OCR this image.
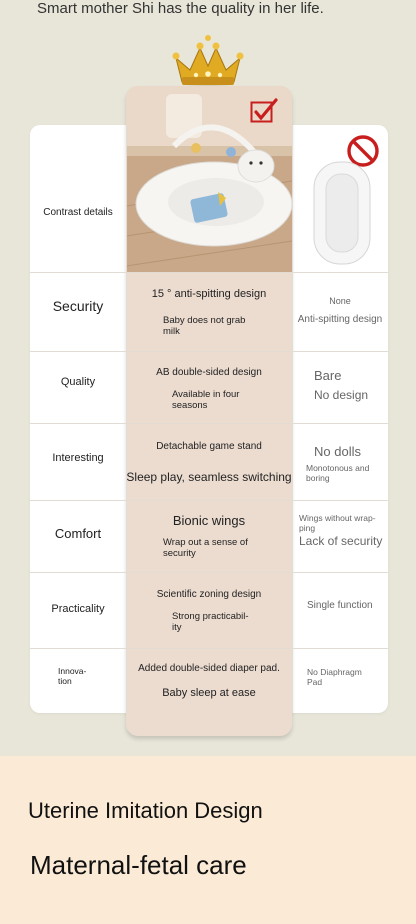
Smart mother Shi has the quality in her life.
Contrast details
Security
15 ° anti-spitting design
Baby does not grab milk
None
Anti-spitting design
Quality
AB double-sided design
Available in four seasons
Bare
No design
Interesting
Detachable game stand
Sleep play, seamless switching
No dolls
Monotonous and boring
Comfort
Bionic wings
Wrap out a sense of security
Wings without wrap-ping
Lack of security
Practicality
Scientific zoning design
Strong practicabil-ity
Single function
Innova-tion
Added double-sided diaper pad.
Baby sleep at ease
No Diaphragm Pad
Uterine Imitation Design
Maternal-fetal care
